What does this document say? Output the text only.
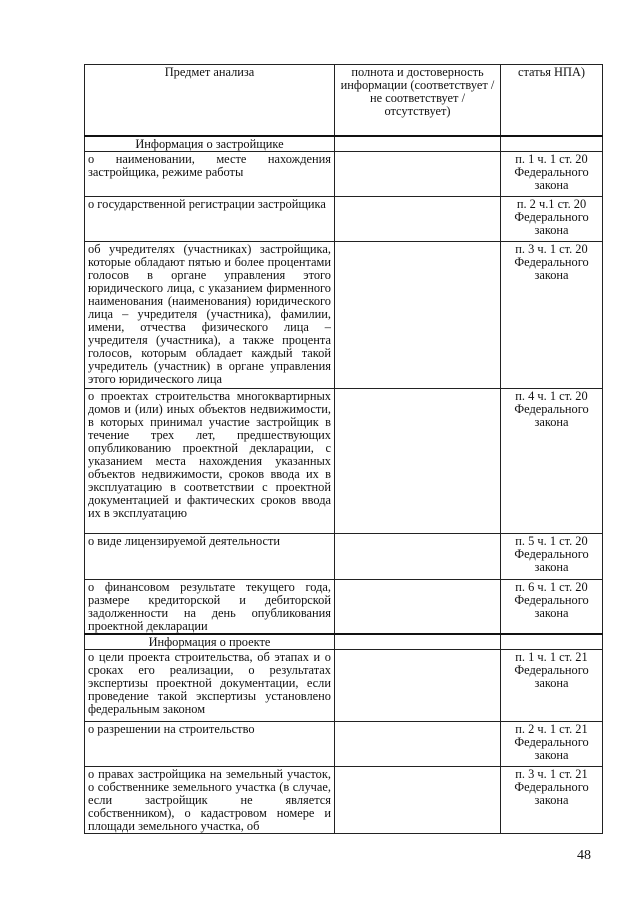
Предмет анализа	полнота и достоверность информации (соответствует / не соответствует / отсутствует)	статья НПА)
Информация о застройщике		
о наименовании, месте нахождения застройщика, режиме работы		п. 1 ч. 1 ст. 20 Федерального закона
о государственной регистрации застройщика		п. 2 ч.1 ст. 20 Федерального закона
об учредителях (участниках) застройщика, которые обладают пятью и более процентами голосов в органе управления этого юридического лица, с указанием фирменного наименования (наименования) юридического лица – учредителя (участника), фамилии, имени, отчества физического лица – учредителя (участника), а также процента голосов, которым обладает каждый такой учредитель (участник) в органе управления этого юридического лица		п. 3 ч. 1 ст. 20 Федерального закона
о проектах строительства многоквартирных домов и (или) иных объектов недвижимости, в которых принимал участие застройщик в течение трех лет, предшествующих опубликованию проектной декларации, с указанием места нахождения указанных объектов недвижимости, сроков ввода их в эксплуатацию в соответствии с проектной документацией и фактических сроков ввода их в эксплуатацию		п. 4 ч. 1 ст. 20 Федерального закона
о виде лицензируемой деятельности		п. 5 ч. 1 ст. 20 Федерального закона
о финансовом результате текущего года, размере кредиторской и дебиторской задолженности на день опубликования проектной декларации		п. 6 ч. 1 ст. 20 Федерального закона
Информация о проекте		
о цели проекта строительства, об этапах и о сроках его реализации, о результатах экспертизы проектной документации, если проведение такой экспертизы установлено федеральным законом		п. 1 ч. 1 ст. 21 Федерального закона
о разрешении на строительство		п. 2 ч. 1 ст. 21 Федерального закона
о правах застройщика на земельный участок, о собственнике земельного участка (в случае, если застройщик не является собственником), о кадастровом номере и площади земельного участка, об		п. 3 ч. 1 ст. 21 Федерального закона
48
